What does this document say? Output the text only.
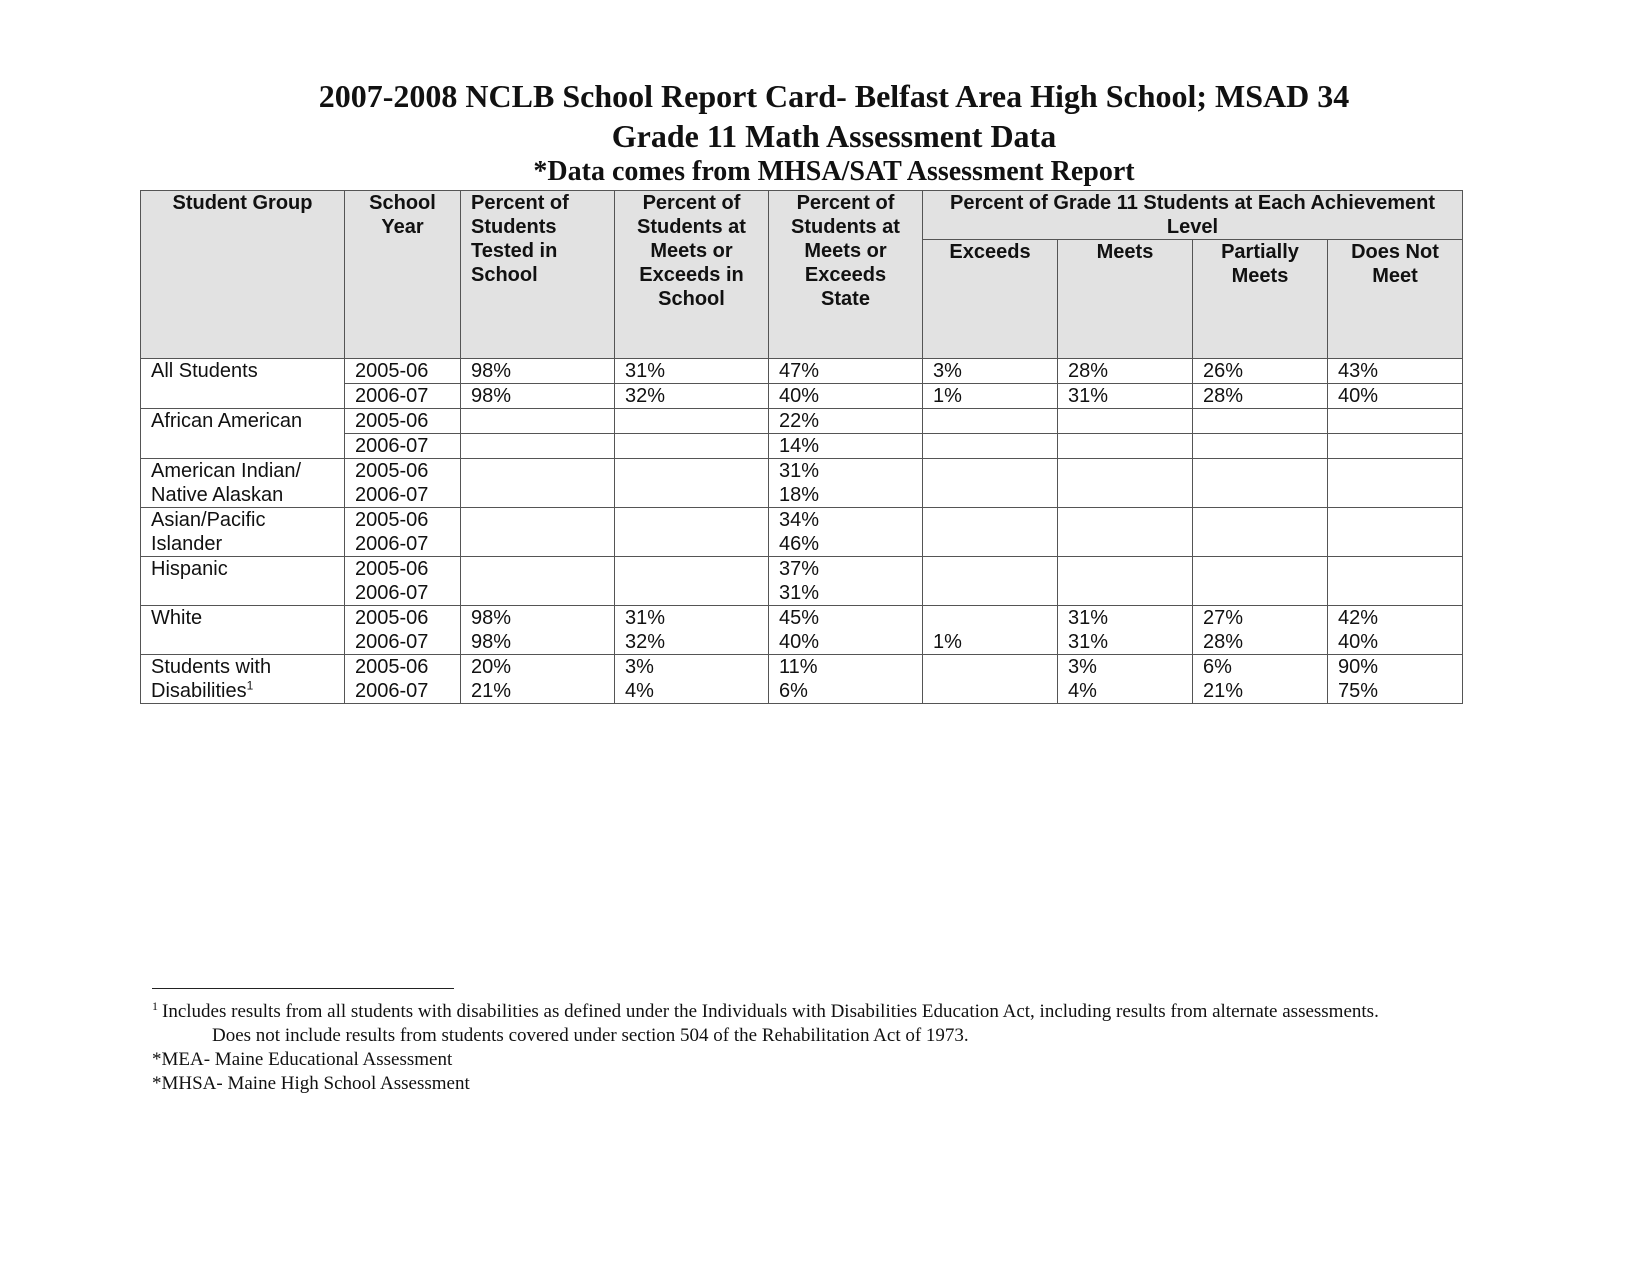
2007-2008 NCLB School Report Card- Belfast Area High School; MSAD 34
Grade 11 Math Assessment Data
*Data comes from MHSA/SAT Assessment Report
Student Group	School Year	Percent of Students Tested in School	Percent of Students at Meets or Exceeds in School	Percent of Students at Meets or Exceeds State	Percent of Grade 11 Students at Each Achievement Level			
					Exceeds	Meets	Partially Meets	Does Not Meet
All Students	2005-06	98%	31%	47%	3%	28%	26%	43%
	2006-07	98%	32%	40%	1%	31%	28%	40%
African American	2005-06			22%				
	2006-07			14%				
American Indian/ Native Alaskan	2005-06			31%				
	2006-07			18%				
Asian/Pacific Islander	2005-06			34%				
	2006-07			46%				
Hispanic	2005-06			37%				
	2006-07			31%				
White	2005-06	98%	31%	45%		31%	27%	42%
	2006-07	98%	32%	40%	1%	31%	28%	40%
Students with Disabilities$^1$	2005-06	20%	3%	11%		3%	6%	90%
	2006-07	21%	4%	6%		4%	21%	75%
$^1$ Includes results from all students with disabilities as defined under the Individuals with Disabilities Education Act, including results from alternate assessments.
Does not include results from students covered under section 504 of the Rehabilitation Act of 1973.
*MEA- Maine Educational Assessment
*MHSA- Maine High School Assessment
